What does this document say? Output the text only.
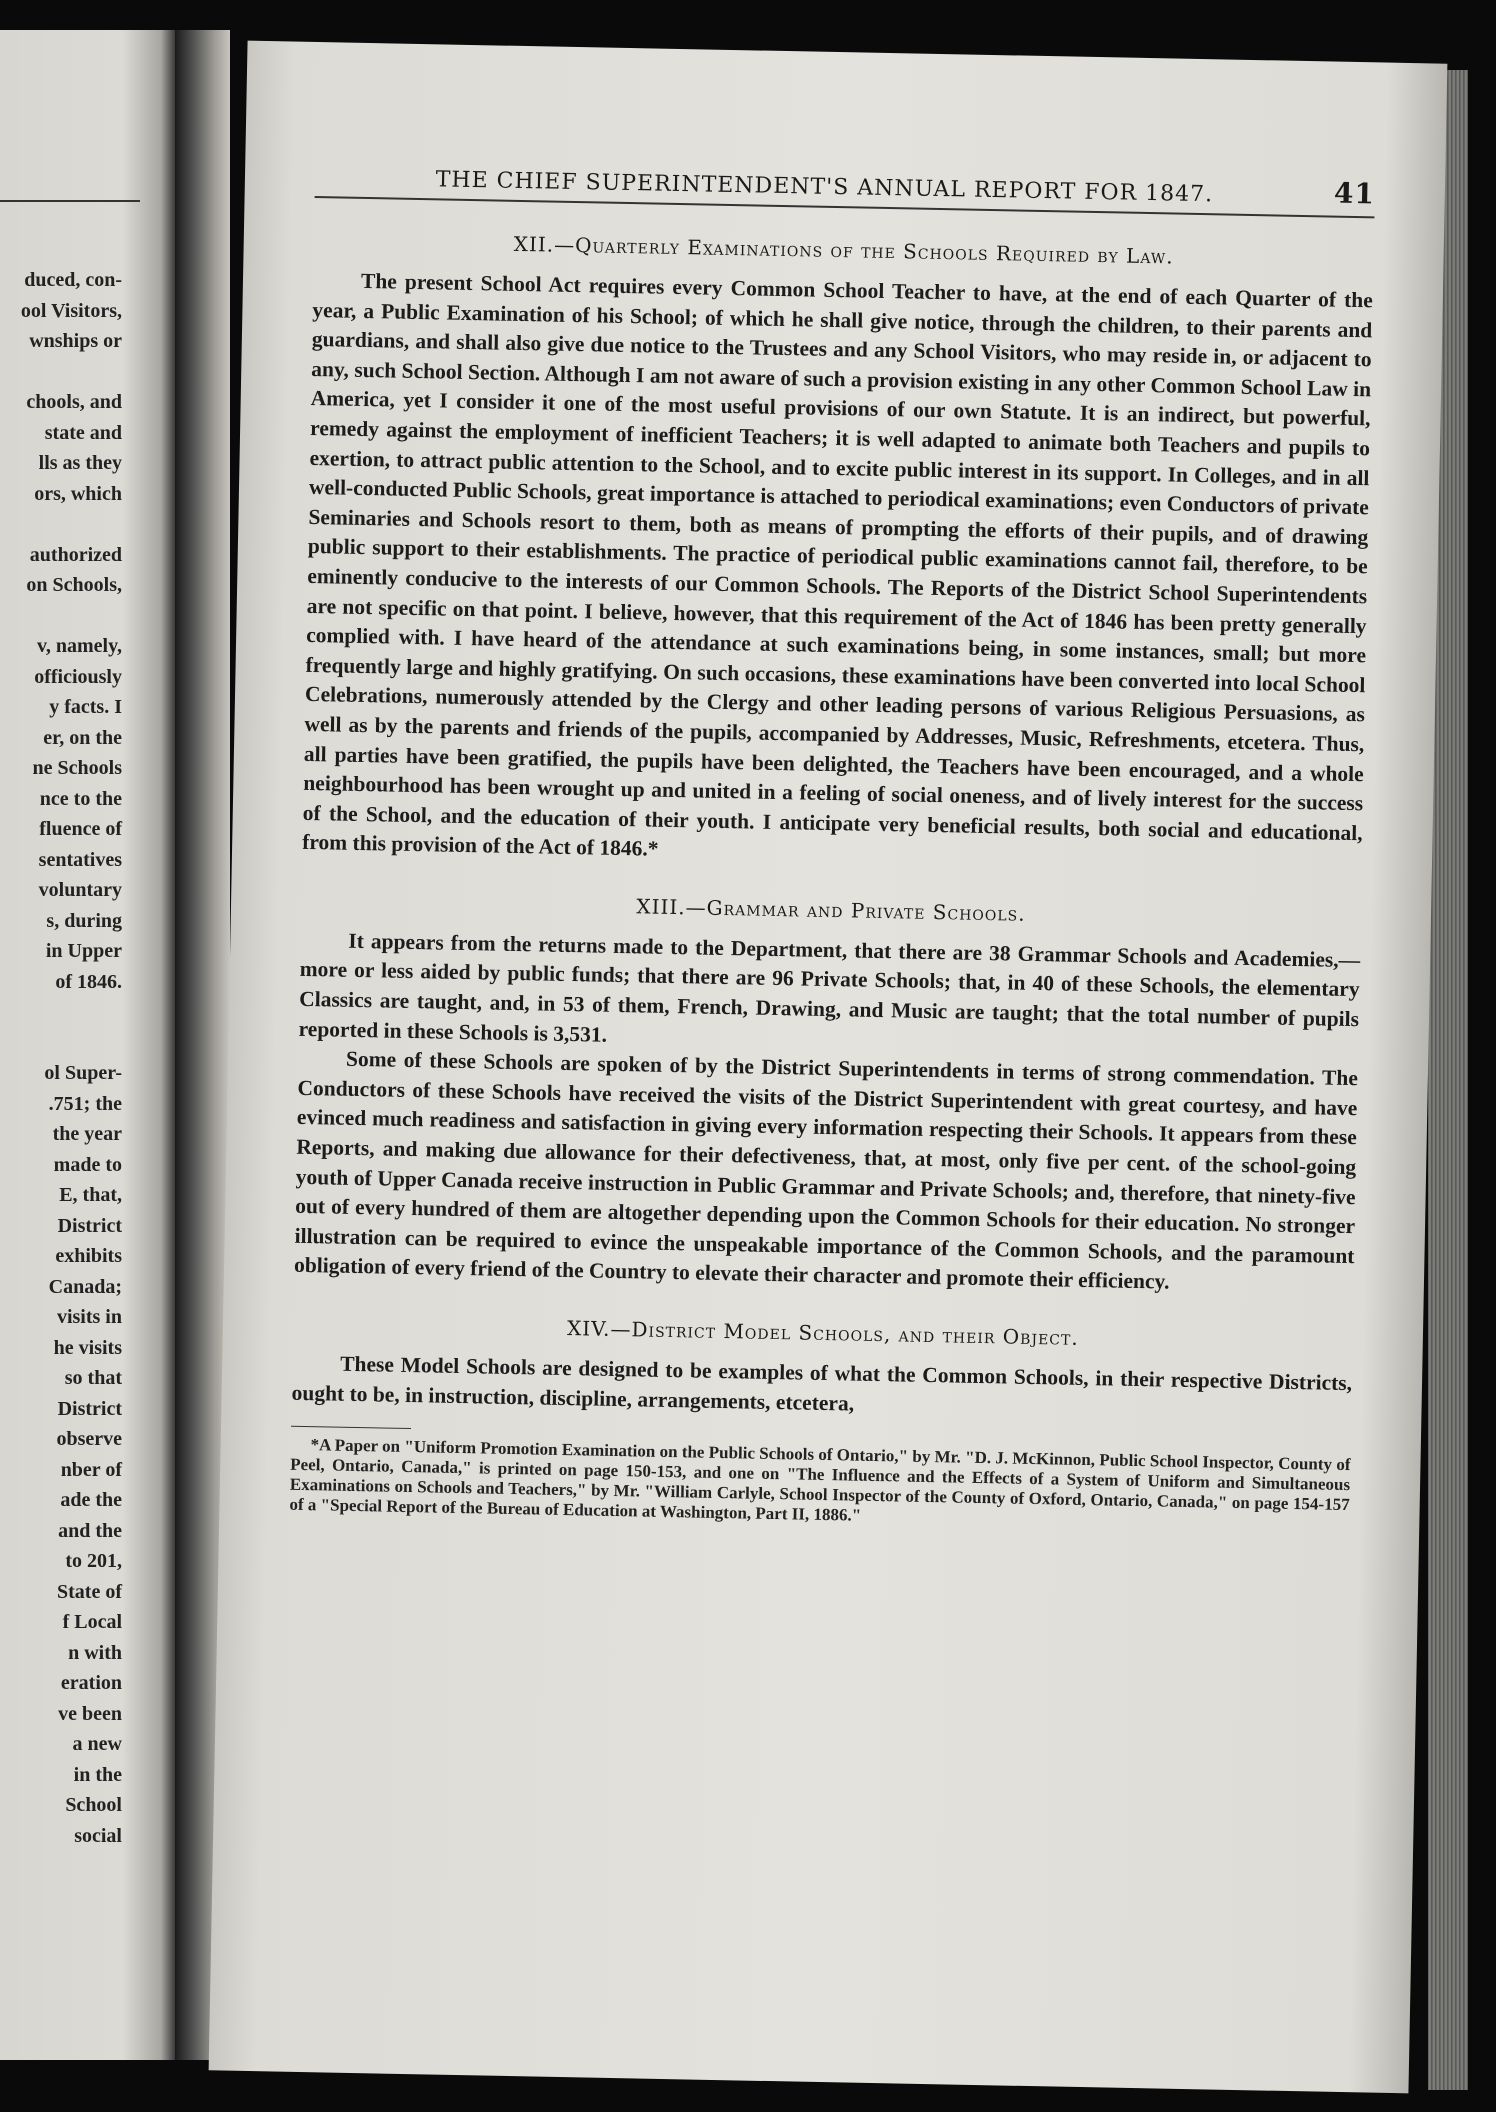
duced, con-
ool Visitors,
wnships or

chools, and
state and
lls as they
ors, which

authorized
on Schools,

v, namely,
officiously
y facts. I
er, on the
ne Schools
nce to the
fluence of
sentatives
voluntary
s, during
in Upper
of 1846.

ol Super-
.751; the
the year
made to
E, that,
District
exhibits
Canada;
visits in
he visits
so that
District
observe
nber of
ade the
and the
to 201,
State of
f Local
n with
eration
ve been
a new
in the
School
social
THE CHIEF SUPERINTENDENT'S ANNUAL REPORT FOR 1847.	41
XII.—Quarterly Examinations of the Schools Required by Law.

The present School Act requires every Common School Teacher to have, at the end of each Quarter of the year, a Public Examination of his School; of which he shall give notice, through the children, to their parents and guardians, and shall also give due notice to the Trustees and any School Visitors, who may reside in, or adjacent to any, such School Section. Although I am not aware of such a provision existing in any other Common School Law in America, yet I consider it one of the most useful provisions of our own Statute. It is an indirect, but powerful, remedy against the employment of inefficient Teachers; it is well adapted to animate both Teachers and pupils to exertion, to attract public attention to the School, and to excite public interest in its support. In Colleges, and in all well-conducted Public Schools, great importance is attached to periodical examinations; even Conductors of private Seminaries and Schools resort to them, both as means of prompting the efforts of their pupils, and of drawing public support to their establishments. The practice of periodical public examinations cannot fail, therefore, to be eminently conducive to the interests of our Common Schools. The Reports of the District School Superintendents are not specific on that point. I believe, however, that this requirement of the Act of 1846 has been pretty generally complied with. I have heard of the attendance at such examinations being, in some instances, small; but more frequently large and highly gratifying. On such occasions, these examinations have been converted into local School Celebrations, numerously attended by the Clergy and other leading persons of various Religious Persuasions, as well as by the parents and friends of the pupils, accompanied by Addresses, Music, Refreshments, etcetera. Thus, all parties have been gratified, the pupils have been delighted, the Teachers have been encouraged, and a whole neighbourhood has been wrought up and united in a feeling of social oneness, and of lively interest for the success of the School, and the education of their youth. I anticipate very beneficial results, both social and educational, from this provision of the Act of 1846.*

XIII.—Grammar and Private Schools.

It appears from the returns made to the Department, that there are 38 Grammar Schools and Academies,—more or less aided by public funds; that there are 96 Private Schools; that, in 40 of these Schools, the elementary Classics are taught, and, in 53 of them, French, Drawing, and Music are taught; that the total number of pupils reported in these Schools is 3,531.

Some of these Schools are spoken of by the District Superintendents in terms of strong commendation. The Conductors of these Schools have received the visits of the District Superintendent with great courtesy, and have evinced much readiness and satisfaction in giving every information respecting their Schools. It appears from these Reports, and making due allowance for their defectiveness, that, at most, only five per cent. of the school-going youth of Upper Canada receive instruction in Public Grammar and Private Schools; and, therefore, that ninety-five out of every hundred of them are altogether depending upon the Common Schools for their education. No stronger illustration can be required to evince the unspeakable importance of the Common Schools, and the paramount obligation of every friend of the Country to elevate their character and promote their efficiency.

XIV.—District Model Schools, and their Object.

These Model Schools are designed to be examples of what the Common Schools, in their respective Districts, ought to be, in instruction, discipline, arrangements, etcetera,

*A Paper on "Uniform Promotion Examination on the Public Schools of Ontario," by Mr. "D. J. McKinnon, Public School Inspector, County of Peel, Ontario, Canada," is printed on page 150-153, and one on "The Influence and the Effects of a System of Uniform and Simultaneous Examinations on Schools and Teachers," by Mr. "William Carlyle, School Inspector of the County of Oxford, Ontario, Canada," on page 154-157 of a "Special Report of the Bureau of Education at Washington, Part II, 1886."
